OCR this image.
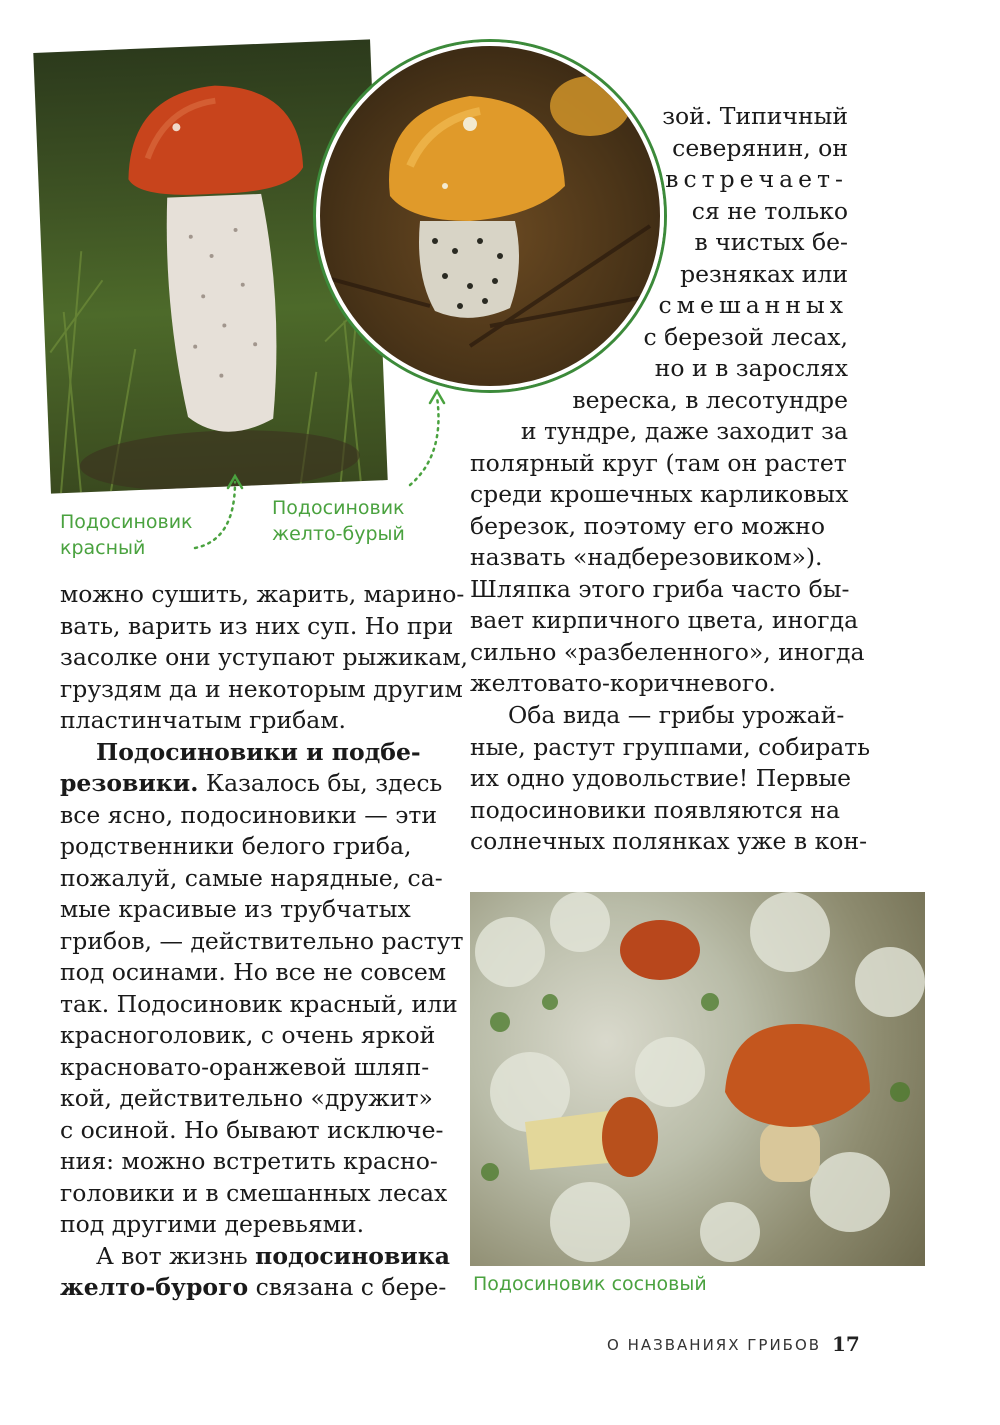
Подосиновик
красный
Подосиновик
желто-бурый
зой. Типичный
северянин, он
встречает-
ся не только
в чистых бе-
резняках или
смешанных
с березой лесах,
но и в зарослях
вереска, в лесотундре
и тундре, даже заходит за
полярный круг (там он растет
среди крошечных карликовых
березок, поэтому его можно
назвать «надберезовиком»).
Шляпка этого гриба часто бы-
вает кирпичного цвета, иногда
сильно «разбеленного», иногда
желтовато-коричневого.
Оба вида — грибы урожай-
ные, растут группами, собирать
их одно удовольствие! Первые
подосиновики появляются на
солнечных полянках уже в кон-
можно сушить, жарить, марино-
вать, варить из них суп. Но при
засолке они уступают рыжикам,
груздям да и некоторым другим
пластинчатым грибам.
Подосиновики и подбе-
резовики. Казалось бы, здесь
все ясно, подосиновики — эти
родственники белого гриба,
пожалуй, самые нарядные, са-
мые красивые из трубчатых
грибов, — действительно растут
под осинами. Но все не совсем
так. Подосиновик красный, или
красноголовик, с очень яркой
красновато-оранжевой шляп-
кой, действительно «дружит»
с осиной. Но бывают исключе-
ния: можно встретить красно-
головики и в смешанных лесах
под другими деревьями.
А вот жизнь подосиновика
желто-бурого связана с бере- Подосиновик сосновый
О НАЗВАНИЯХ ГРИБОВ 17
